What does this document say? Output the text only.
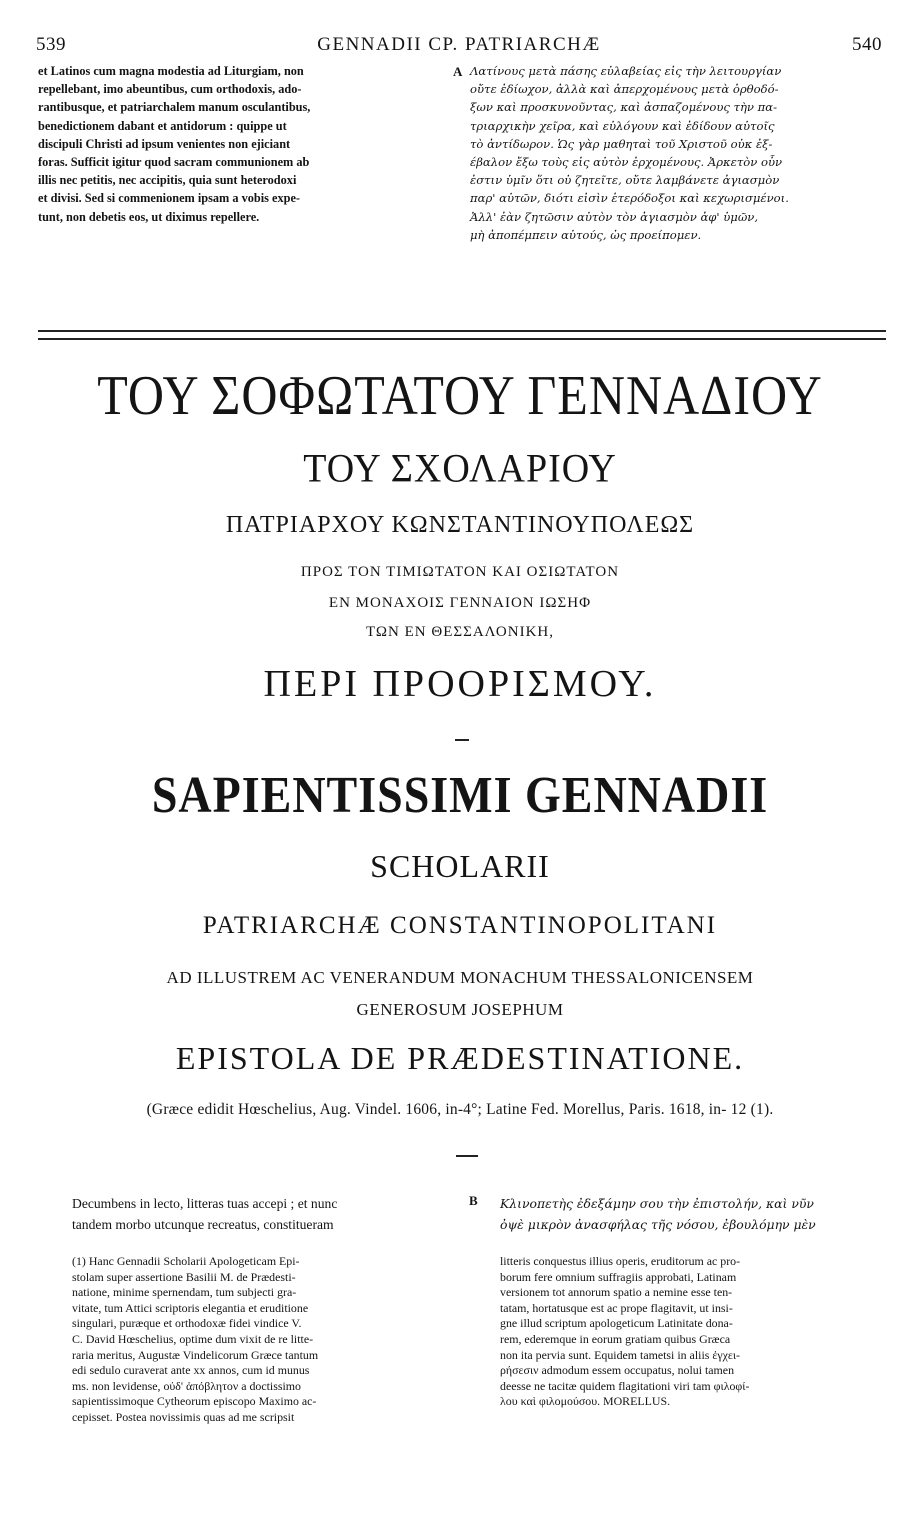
539	GENNADII CP. PATRIARCHÆ	540

et Latinos cum magna modestia ad Liturgiam, non

repellebant, imo abeuntibus, cum orthodoxis, ado-

rantibusque, et patriarchalem manum osculantibus,

benedictionem dabant et antidorum : quippe ut

discipuli Christi ad ipsum venientes non ejiciant

foras. Sufficit igitur quod sacram communionem ab

illis nec petitis, nec accipitis, quia sunt heterodoxi

et divisi. Sed si commenionem ipsam a vobis expe-

tunt, non debetis eos, ut diximus repellere.

A Λατίνους μετὰ πάσης εὐλαβείας εἰς τὴν λειτουργίαν

οὔτε ἐδίωχον, ἀλλὰ καὶ ἀπερχομένους μετὰ ὀρθοδό-

ξων καὶ προσκυνοῦντας, καὶ ἀσπαζομένους τὴν πα-

τριαρχικὴν χεῖρα, καὶ εὐλόγουν καὶ ἐδίδουν αὐτοῖς

τὸ ἀντίδωρον. Ὡς γὰρ μαθηταὶ τοῦ Χριστοῦ οὐκ ἐξ-

έβαλον ἔξω τοὺς εἰς αὐτὸν ἐρχομένους. Ἀρκετὸν οὖν

ἐστιν ὑμῖν ὅτι οὐ ζητεῖτε, οὔτε λαμβάνετε ἁγιασμὸν

παρ' αὐτῶν, διότι εἰσὶν ἑτερόδοξοι καὶ κεχωρισμένοι.

Ἀλλ' ἐὰν ζητῶσιν αὐτὸν τὸν ἁγιασμὸν ἀφ' ὑμῶν,

μὴ ἀποπέμπειν αὐτούς, ὡς προείπομεν.

ΤΟΥ ΣΟΦΩΤΑΤΟΥ ΓΕΝΝΑΔΙΟΥ
ΤΟΥ ΣΧΟΛΑΡΙΟΥ
ΠΑΤΡΙΑΡΧΟΥ ΚΩΝΣΤΑΝΤΙΝΟΥΠΟΛΕΩΣ
ΠΡΟΣ ΤΟΝ ΤΙΜΙΩΤΑΤΟΝ ΚΑΙ ΟΣΙΩΤΑΤΟΝ
ΕΝ ΜΟΝΑΧΟΙΣ ΓΕΝΝΑΙΟΝ ΙΩΣΗΦ
ΤΩΝ ΕΝ ΘΕΣΣΑΛΟΝΙΚΗ,
ΠΕΡΙ ΠΡΟΟΡΙΣΜΟΥ.
SAPIENTISSIMI GENNADII
SCHOLARII
PATRIARCHÆ CONSTANTINOPOLITANI
AD ILLUSTREM AC VENERANDUM MONACHUM THESSALONICENSEM
GENEROSUM JOSEPHUM
EPISTOLA DE PRÆDESTINATIONE.
(Græce edidit Hœschelius, Aug. Vindel. 1606, in-4°; Latine Fed. Morellus, Paris. 1618, in- 12 (1).

Decumbens in lecto, litteras tuas accepi ; et nunc

tandem morbo utcunque recreatus, constitueram

B Κλινοπετὴς ἐδεξάμην σου τὴν ἐπιστολήν, καὶ νῦν

ὀψὲ μικρὸν ἀνασφήλας τῆς νόσου, ἐβουλόμην μὲν

(1) Hanc Gennadii Scholarii Apologeticam Epi-

stolam super assertione Basilii M. de Prædesti-

natione, minime spernendam, tum subjecti gra-

vitate, tum Attici scriptoris elegantia et eruditione

singulari, puræque et orthodoxæ fidei vindice V.

C. David Hœschelius, optime dum vixit de re litte-

raria meritus, Augustæ Vindelicorum Græce tantum

edi sedulo curaverat ante xx annos, cum id munus

ms. non levidense, οὐδ' ἀπόβλητον a doctissimo

sapientissimoque Cytheorum episcopo Maximo ac-

cepisset. Postea novissimis quas ad me scripsit

litteris conquestus illius operis, eruditorum ac pro-

borum fere omnium suffragiis approbati, Latinam

versionem tot annorum spatio a nemine esse ten-

tatam, hortatusque est ac prope flagitavit, ut insi-

gne illud scriptum apologeticum Latinitate dona-

rem, ederemque in eorum gratiam quibus Græca

non ita pervia sunt. Equidem tametsi in aliis ἐγχει-

ρήσεσιν admodum essem occupatus, nolui tamen

deesse ne tacitæ quidem flagitationi viri tam φιλοφί-

λου καὶ φιλομούσου. MORELLUS.
